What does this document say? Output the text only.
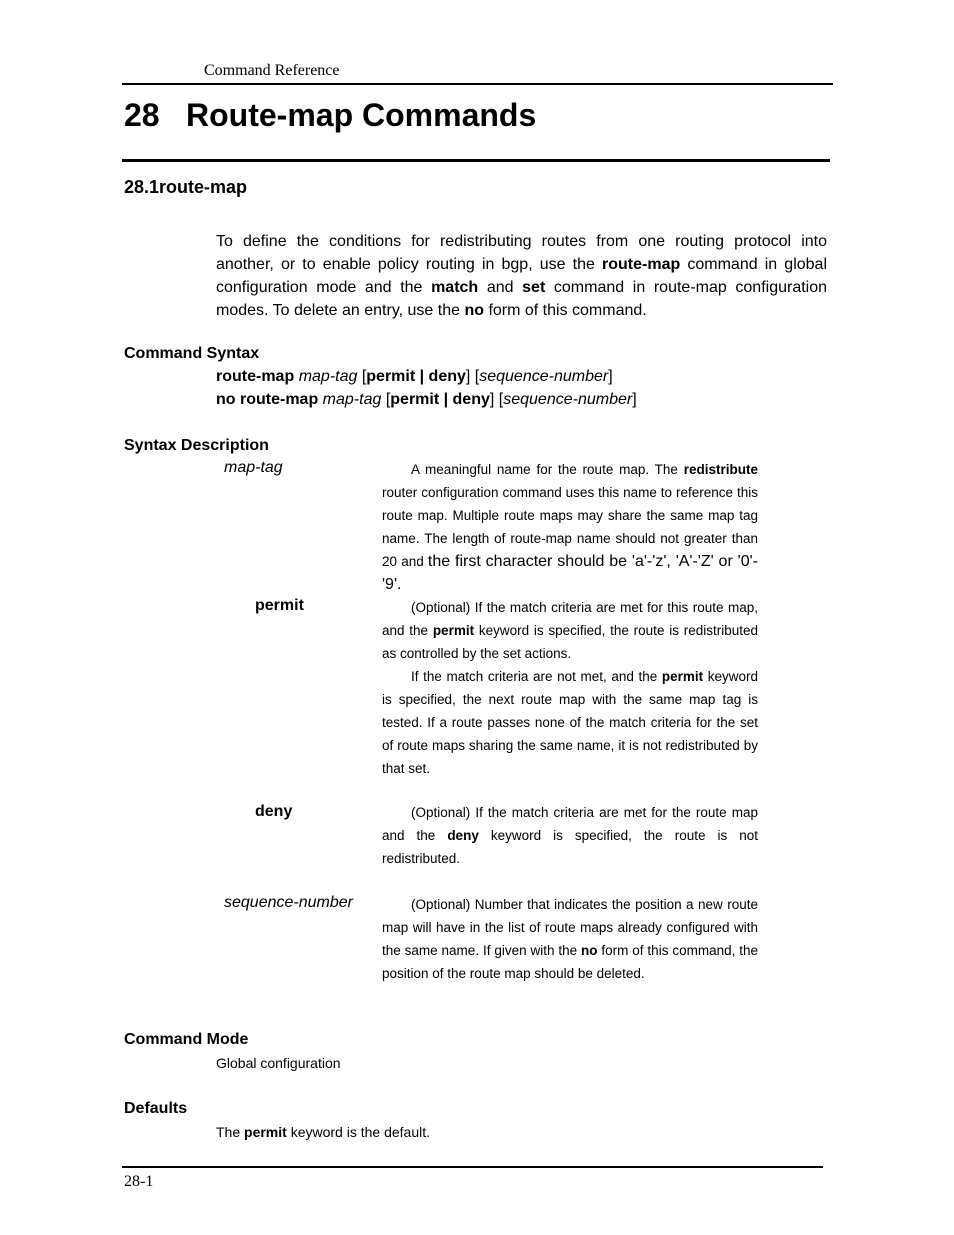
Command Reference
28 Route-map Commands
28.1route-map
To define the conditions for redistributing routes from one routing protocol into another, or to enable policy routing in bgp, use the route-map command in global configuration mode and the match and set command in route-map configuration modes. To delete an entry, use the no form of this command.
Command Syntax
route-map map-tag [permit | deny] [sequence-number]
no route-map map-tag [permit | deny] [sequence-number]
Syntax Description
map-tag	A meaningful name for the route map. The redistribute router configuration command uses this name to reference this route map. Multiple route maps may share the same map tag name. The length of route-map name should not greater than 20 and the first character should be 'a'-'z', 'A'-'Z' or '0'-'9'.

permit	(Optional) If the match criteria are met for this route map, and the permit keyword is specified, the route is redistributed as controlled by the set actions.

If the match criteria are not met, and the permit keyword is specified, the next route map with the same map tag is tested. If a route passes none of the match criteria for the set of route maps sharing the same name, it is not redistributed by that set.

deny	(Optional) If the match criteria are met for the route map and the deny keyword is specified, the route is not redistributed.

sequence-number	(Optional) Number that indicates the position a new route map will have in the list of route maps already configured with the same name. If given with the no form of this command, the position of the route map should be deleted.

Command Mode
Global configuration
Defaults
The permit keyword is the default.
28-1
